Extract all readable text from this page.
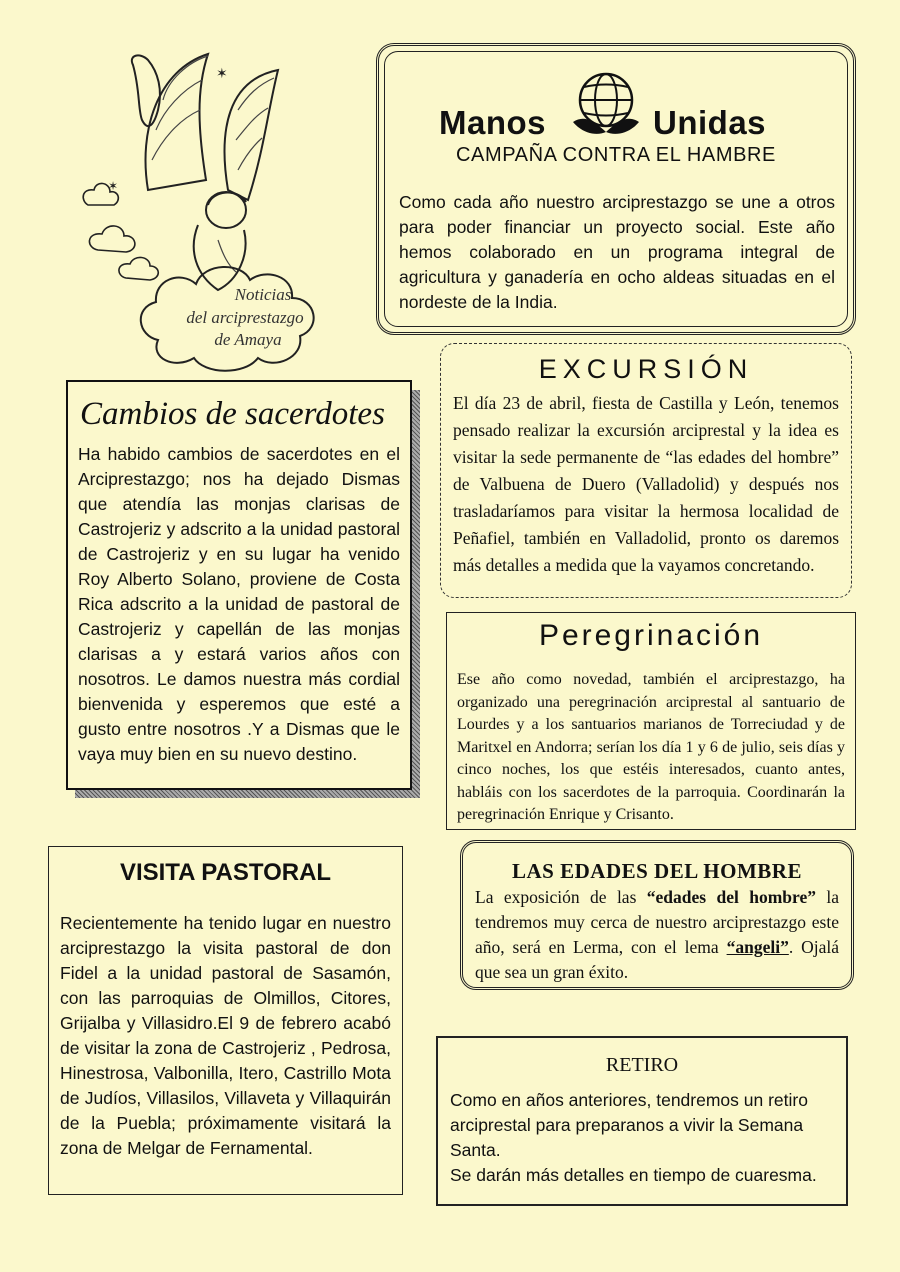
✶
✶
Noticias
del arciprestazgo
de Amaya
Manos	Unidas
CAMPAÑA CONTRA EL HAMBRE

Como cada año nuestro arciprestazgo se une a otros para poder financiar un proyecto social. Este año hemos colaborado en un programa integral de agricultura y ganadería en ocho aldeas situadas en el nordeste de la India.

EXCURSIÓN

El día 23 de abril, fiesta de Castilla y León, tenemos pensado realizar la excursión arciprestal y la idea es visitar la sede permanente de “las edades del hombre” de Valbuena de Duero (Valladolid) y después nos trasladaríamos para visitar la hermosa localidad de Peñafiel, también en Valladolid, pronto os daremos más detalles a medida que la vayamos concretando.

Cambios de sacerdotes

Ha habido cambios de sacerdotes en el Arciprestazgo; nos ha dejado Dismas que atendía las monjas clarisas de Castrojeriz y adscrito a la unidad pastoral de Castrojeriz y en su lugar ha venido Roy Alberto Solano, proviene de Costa Rica adscrito a la unidad de pastoral de Castrojeriz y capellán de las monjas clarisas a y estará varios años con nosotros. Le damos nuestra más cordial bienvenida y esperemos que esté a gusto entre nosotros .Y a Dismas que le vaya muy bien en su nuevo destino.

Peregrinación

Ese año como novedad, también el arciprestazgo, ha organizado una peregrinación arciprestal al santuario de Lourdes y a los santuarios marianos de Torreciudad y de Maritxel en Andorra; serían los día 1 y 6 de julio, seis días y cinco noches, los que estéis interesados, cuanto antes, habláis con los sacerdotes de la parroquia. Coordinarán la peregrinación Enrique y Crisanto.

LAS EDADES DEL HOMBRE

La exposición de las “edades del hombre” la tendremos muy cerca de nuestro arciprestazgo este año, será en Lerma, con el lema “angeli”. Ojalá que sea un gran éxito.

VISITA PASTORAL

Recientemente ha tenido lugar en nuestro arciprestazgo la visita pastoral de don Fidel a la unidad pastoral de Sasamón, con las parroquias de Olmillos, Citores, Grijalba y Villasidro.El 9 de febrero acabó de visitar la zona de Castrojeriz , Pedrosa, Hinestrosa, Valbonilla, Itero, Castrillo Mota de Judíos, Villasilos, Villaveta y Villaquirán de la Puebla; próximamente visitará la zona de Melgar de Fernamental.

RETIRO

Como en años anteriores, tendremos un retiro arciprestal para preparanos a vivir la Semana Santa.

Se darán más detalles en tiempo de cuaresma.
